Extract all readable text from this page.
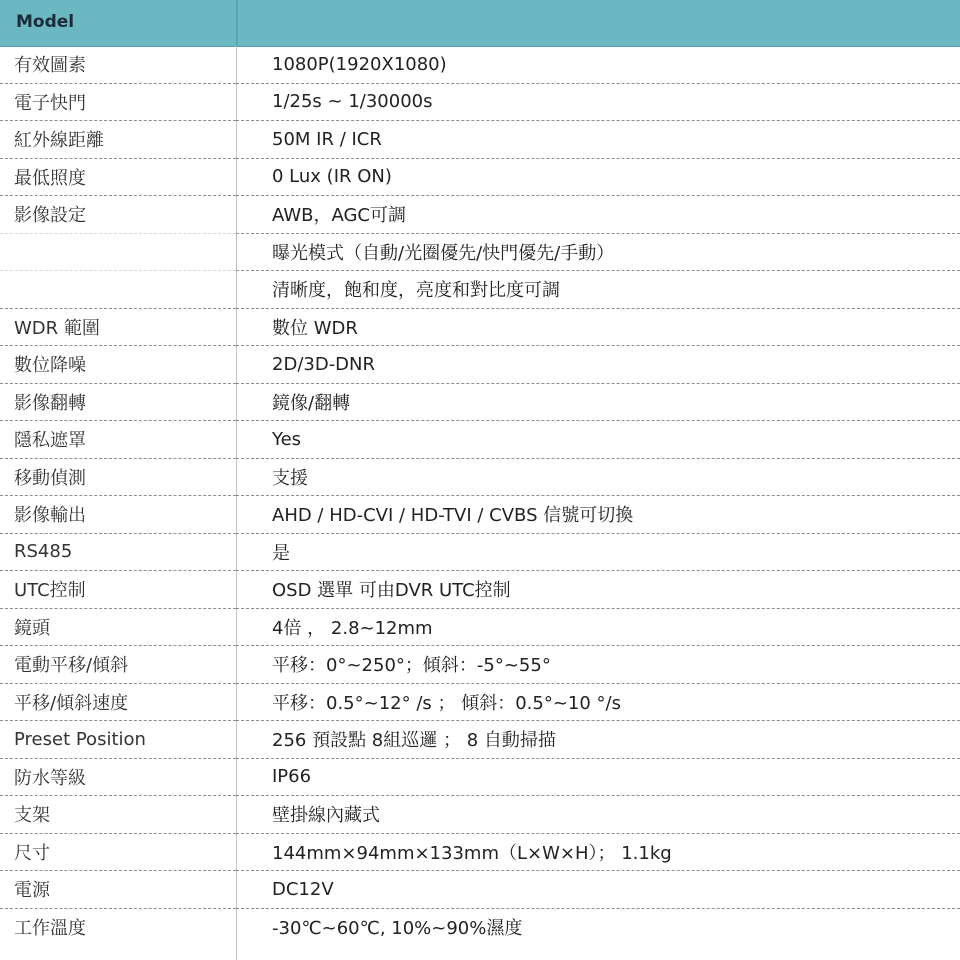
Model
有效圖素	1080P(1920X1080)
電子快門	1/25s ~ 1/30000s
紅外線距離	50M IR / ICR
最低照度	0 Lux (IR ON)
影像設定	AWB，AGC可調
	曝光模式（自動/光圈優先/快門優先/手動）
	清晰度，飽和度，亮度和對比度可調
WDR 範圍	數位 WDR
數位降噪	2D/3D-DNR
影像翻轉	鏡像/翻轉
隱私遮罩	Yes
移動偵測	支援
影像輸出	AHD / HD-CVI / HD-TVI / CVBS 信號可切換
RS485	是
UTC控制	OSD 選單 可由DVR UTC控制
鏡頭	4倍 ， 2.8~12mm
電動平移/傾斜	平移：0°~250°；傾斜：-5°~55°
平移/傾斜速度	平移：0.5°~12° /s ； 傾斜：0.5°~10 °/s
Preset Position	256 預設點 8組巡邏 ； 8 自動掃描
防水等級	IP66
支架	壁掛線內藏式
尺寸	144mm×94mm×133mm（L×W×H）； 1.1kg
電源	DC12V
工作溫度	-30℃~60℃, 10%~90%濕度
